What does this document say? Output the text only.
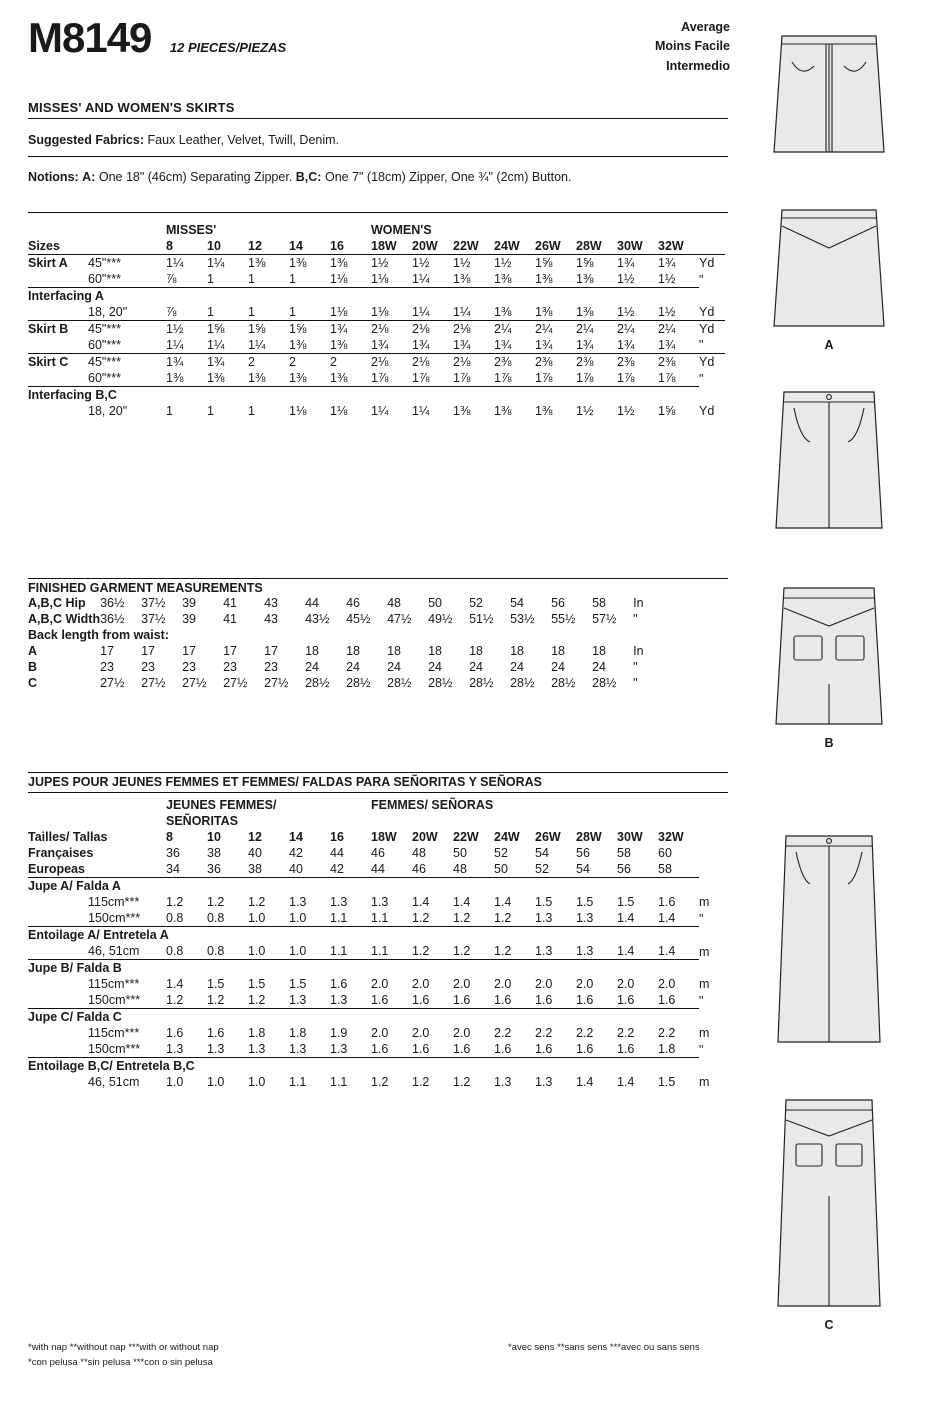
M8149 12 PIECES/PIEZAS
Average
Moins Facile
Intermedio
MISSES' AND WOMEN'S SKIRTS
Suggested Fabrics: Faux Leather, Velvet, Twill, Denim.
Notions: A: One 18" (46cm) Separating Zipper. B,C: One 7" (18cm) Zipper, One ¾" (2cm) Button.
		MISSES'					WOMEN'S								
Sizes		8	10	12	14	16	18W	20W	22W	24W	26W	28W	30W	32W	
Skirt A	45"***	1¼	1¼	1⅜	1⅜	1⅜	1½	1½	1½	1½	1⅝	1⅝	1¾	1¾	Yd
	60"***	⅞	1	1	1	1⅛	1⅛	1¼	1⅜	1⅜	1⅜	1⅜	1½	1½	"
Interfacing A															
	18, 20"	⅞	1	1	1	1⅛	1⅛	1¼	1¼	1⅜	1⅜	1⅜	1½	1½	Yd
Skirt B	45"***	1½	1⅝	1⅝	1⅝	1¾	2⅛	2⅛	2⅛	2¼	2¼	2¼	2¼	2¼	Yd
	60"***	1¼	1¼	1¼	1⅜	1⅜	1¾	1¾	1¾	1¾	1¾	1¾	1¾	1¾	"
Skirt C	45"***	1¾	1¾	2	2	2	2⅛	2⅛	2⅛	2⅜	2⅜	2⅜	2⅜	2⅜	Yd
	60"***	1⅜	1⅜	1⅜	1⅜	1⅜	1⅞	1⅞	1⅞	1⅞	1⅞	1⅞	1⅞	1⅞	"
Interfacing B,C															
	18, 20"	1	1	1	1⅛	1⅛	1¼	1¼	1⅜	1⅜	1⅜	1½	1½	1⅝	Yd
FINISHED GARMENT MEASUREMENTS
A,B,C Hip	36½	37½	39	41	43	44	46	48	50	52	54	56	58	In
A,B,C Width	36½	37½	39	41	43	43½	45½	47½	49½	51½	53½	55½	57½	"
Back length from waist:														
A	17	17	17	17	17	18	18	18	18	18	18	18	18	In
B	23	23	23	23	23	24	24	24	24	24	24	24	24	"
C	27½	27½	27½	27½	27½	28½	28½	28½	28½	28½	28½	28½	28½	"
JUPES POUR JEUNES FEMMES ET FEMMES/ FALDAS PARA SEÑORITAS Y SEÑORAS
		JEUNES FEMMES/					FEMMES/ SEÑORAS								
		SEÑORITAS													
Tailles/ Tallas		8	10	12	14	16	18W	20W	22W	24W	26W	28W	30W	32W	
Françaises		36	38	40	42	44	46	48	50	52	54	56	58	60	
Europeas		34	36	38	40	42	44	46	48	50	52	54	56	58	
Jupe A/ Falda A															
	115cm***	1.2	1.2	1.2	1.3	1.3	1.3	1.4	1.4	1.4	1.5	1.5	1.5	1.6	m
	150cm***	0.8	0.8	1.0	1.0	1.1	1.1	1.2	1.2	1.2	1.3	1.3	1.4	1.4	"
Entoilage A/ Entretela A															
	46, 51cm	0.8	0.8	1.0	1.0	1.1	1.1	1.2	1.2	1.2	1.3	1.3	1.4	1.4	m
Jupe B/ Falda B															
	115cm***	1.4	1.5	1.5	1.5	1.6	2.0	2.0	2.0	2.0	2.0	2.0	2.0	2.0	m
	150cm***	1.2	1.2	1.2	1.3	1.3	1.6	1.6	1.6	1.6	1.6	1.6	1.6	1.6	"
Jupe C/ Falda C															
	115cm***	1.6	1.6	1.8	1.8	1.9	2.0	2.0	2.0	2.2	2.2	2.2	2.2	2.2	m
	150cm***	1.3	1.3	1.3	1.3	1.3	1.6	1.6	1.6	1.6	1.6	1.6	1.6	1.8	"
Entoilage B,C/ Entretela B,C															
	46, 51cm	1.0	1.0	1.0	1.1	1.1	1.2	1.2	1.2	1.3	1.3	1.4	1.4	1.5	m
*with nap **without nap ***with or without nap
*con pelusa **sin pelusa ***con o sin pelusa
*avec sens **sans sens ***avec ou sans sens
A
B
C
